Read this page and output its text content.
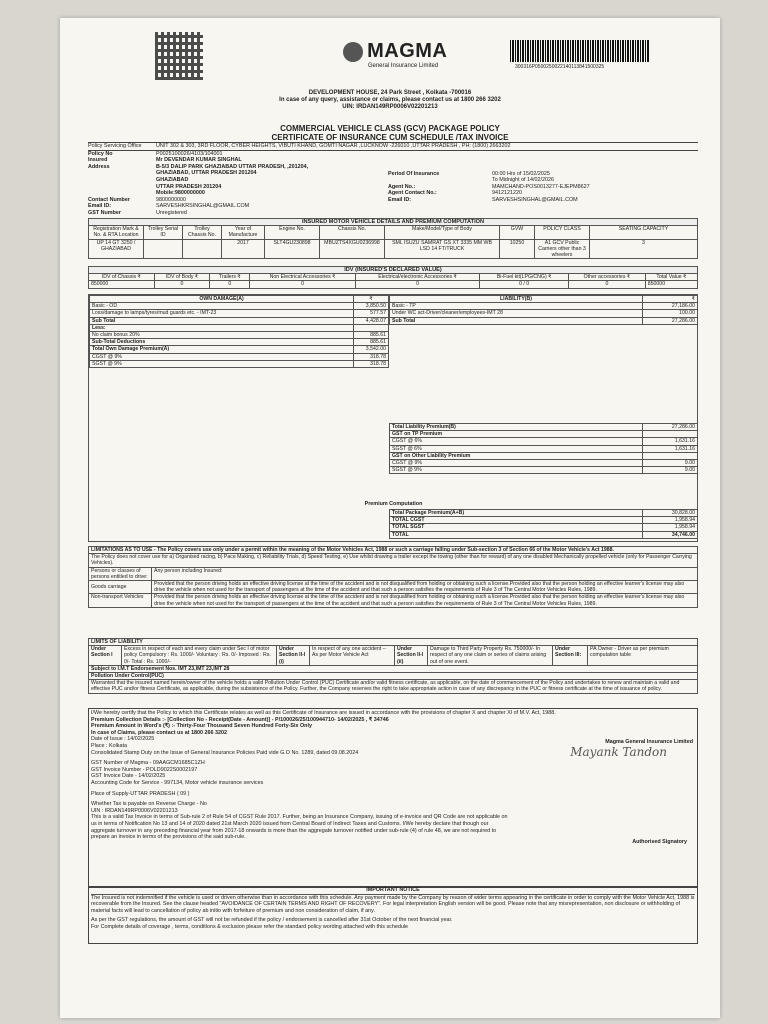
MAGMA
General Insurance Limited	300316P0500250022140113841500325
DEVELOPMENT HOUSE, 24 Park Street , Kolkata -700016
In case of any query, assistance or claims, please contact us at 1800 266 3202
UIN: IRDAN149RP0006V02201213
COMMERCIAL VEHICLE CLASS (GCV) PACKAGE POLICY
CERTIFICATE OF INSURANCE CUM SCHEDULE /TAX INVOICE
Policy Servicing Office	UNIT 302 & 303, 3RD FLOOR, CYBER HEIGHTS, VIBUTI KHAND, GOMTI NAGAR ,LUCKNOW -226010 ,UTTAR PRADESH , PH: (1800) 2663202
Policy No	P0025100026/4103/104001
Insured	Mr DEVENDAR KUMAR SINGHAL
Address	B-5/3 DALIP PARK GHAZIABAD UTTAR PRADESH, ,201204,
GHAZIABAD, UTTAR PRADESH 201204
GHAZIABAD
UTTAR PRADESH 201204
Mobile:9800000000
Contact Number	9800000000
Email ID:	SARVESHKRSINGHAL@GMAIL.COM
GST Number	Unregistered
Period Of Insurance	00:00 Hrs of 15/02/2025
To Midnight of 14/02/2026
Agent No.:	MAMCHAND-POS0013277-EJEPM8627
Agent Contact No.:	9412121220
Email ID:	SARVESHSINGHAL@GMAIL.COM
INSURED MOTOR VEHICLE DETAILS AND PREMIUM COMPUTATION									
Registration Mark & No. & RTA Location	Trolley Serial ID	Trolley Chassis No.	Year of Manufacture	Engine No.	Chassis No.	Make/Model/Type of Body	GVW	POLICY CLASS	SEATING CAPACITY
UP 14 GT 3250 / GHAZIABAD			2017	SLT4GU230898	MBUZTS4XGU0236998	SML ISUZU SAMRAT GS XT 3335 MM WB LSD 14 FT/TRUCK	10250	A1 GCV Public Carriers other than 3 wheelers	3
IDV (INSURED'S DECLARED VALUE)							
IDV of Chassis ₹	IDV of Body ₹	Trailers ₹	Non Electrical Accessories ₹	Electrical/electronic Accessories ₹	Bi-Fuel kit(LPG/CNG) ₹	Other accessories ₹	Total Value ₹
850000	0	0	0	0	0 / 0	0	850000
OWN DAMAGE(A)	₹
Basic - OD	3,850.50
Loss/damage to lamps/tyres/mud guards etc. - IMT-23	577.57
Sub Total	4,428.07
Less:	
No claim bonus 20%	885.61
Sub-Total Deductions	885.61
Total Own Damage Premium(A)	3,542.00
CGST @ 9%	318.78
SGST @ 9%	318.78
LIABILITY(B)	₹
Basic - TP	27,186.00
Under WC act-Driver/cleaner/employees-IMT 28	100.00
Sub Total	27,286.00
Total Liability Premium(B)	27,286.00
GST on TP Premium	
CGST @ 6%	1,631.16
SGST @ 6%	1,631.16
GST on Other Liability Premium	
CGST @ 9%	9.00
SGST @ 9%	9.00
Premium Computation
Total Package Premium(A+B)	30,828.00
TOTAL CGST	1,958.94
TOTAL SGST	1,958.94
TOTAL	34,746.00
LIMITATIONS AS TO USE - The Policy covers use only under a permit within the meaning of the Motor Vehicles Act, 1988 or such a carriage falling under Sub-section 3 of Section 66 of the Motor Vehicle's Act 1988.	
The Policy does not cover use for a) Organised racing, b) Pace Making, c) Reliability Trials, d) Speed Testing, e) Use whilst drawing a trailer except the towing (other than for reward) of any one disabled Mechanically propelled vehicle (only for Passenger Carrying Vehicles).	
Persons or classes of persons entitled to drive:	Any person including Insured:
Goods carriage	Provided that the person driving holds an effective driving license at the time of the accident and is not disqualified from holding or obtaining such a license.Provided also that the person holding an effective learner's license may also drive the vehicle when not used for the transport of passengers at the time of the accident and that such a person satisfies the requirements of Rule 3 of The Central Motor Vehicles Rules, 1989.
Non-transport Vehicles	Provided that the person driving holds an effective driving license at the time of the accident and is not disqualified from holding or obtaining such a license.Provided also that the person holding an effective learner's license may also drive the vehicle when not used for the transport of passengers at the time of the accident and that such a person satisfies the requirements of Rule 3 of The Central Motor Vehicles Rules, 1989.
LIMITS OF LIABILITY
Under Section I	Excess in respect of each and every claim under Sec I of motor policy Compulsory : Rs. 1000/- Voluntary : Rs. 0/- Imposed : Rs. 0/- Total : Rs. 1000/-	Under Section II-I (i)	In respect of any one accident -- As per Motor Vehicle Act	Under Section II-I (ii)	Damage to Third Party Property Rs. 750000/- In respect of any one claim or series of claims arising out of one event.	Under Section III:	PA Owner - Driver as per premium computation table
Subject to I.M.T Endorsement Nos. IMT 23,IMT 23,IMT 28
Pollution Under Control(PUC)
Warranted that the insured named herein/owner of the vehicle holds a valid Pollution Under Control (PUC) Certificate and/or valid fitness certificate, as applicable, on the date of commencement of the Policy and undertakes to renew and maintain a valid and effective PUC and/or fitness Certificate, as applicable, during the subsistence of the Policy. Further, the Company reserves the right to take appropriate action in case of any discrepancy in the PUC or fitness certificate at the time of issuance of policy.
I/We hereby certify that the Policy to which this Certificate relates as well as this Certificate of Insurance are issued in accordance with the provisions of chapter X and chapter XI of M.V. Act, 1988.
Premium Collection Details :- [Collection No - Receipt(Date - Amount)] - P/100026/25/100944710- 14/02/2025 , ₹ 34746
Premium Amount in Word's (₹) :- Thirty-Four Thousand Seven Hundred Forty-Six Only
In case of Claims, please contact us at 1800 266 3202
Date of Issue : 14/02/2025
Place : Kolkata
Consolidated Stamp Duty on the Issue of General Insurance Policies Paid vide G.O No. 1289, dated 09.08.2024
GST Number of Magma - 09AAGCM1685C1ZH
GST Invoice Number - POLD9022S0002197
GST Invoice Date - 14/02/2025
Accounting Code for Service - 997134, Motor vehicle insurance services
Place of Supply-UTTAR PRADESH ( 09 )
Whether Tax is payable on Reverse Charge - No
UIN : IRDAN149RP0006V02201213
This is a valid Tax Invoice in terms of Sub-rule 2 of Rule 54 of CGST Rule 2017. Further, being an Insurance Company, issuing of e-invoice and QR Code are not applicable on us in terms of Notification No 13 and 14 of 2020 dated 21st March 2020 issued from Central Board of Indirect Taxes and Customs. I/We hereby declare that though our aggregate turnover in any preceding financial year from 2017-18 onwards is more than the aggregate turnover notified under sub-rule (4) of rule 48, we are not required to prepare an invoice in terms of the provisions of the said sub-rule.
Magma General Insurance Limited
Mayank Tandon
Authorised Signatory
IMPORTANT NOTICE
The Insured is not indemnified if the vehicle is used or driven otherwise than in accordance with this schedule. Any payment made by the Company by reason of wider terms appearing in the certificate in order to comply with the Motor Vehicle Act, 1988 is recoverable from the Insured. See the clause headed "AVOIDANCE OF CERTAIN TERMS AND RIGHT OF RECOVERY". For legal interpretation English version will be good. Please note that any misrepresentation, non disclosure or withholding of material facts will lead to cancellation of policy ab initio with forfeiture of premium and non consideration of claim, if any.
As per the GST regulations, the amount of GST will not be refunded if the policy / endorsement is cancelled after 31st October of the next financial year.
For Complete details of coverage , terms, conditions & exclusion please refer the standard policy wording attached with this schedule
